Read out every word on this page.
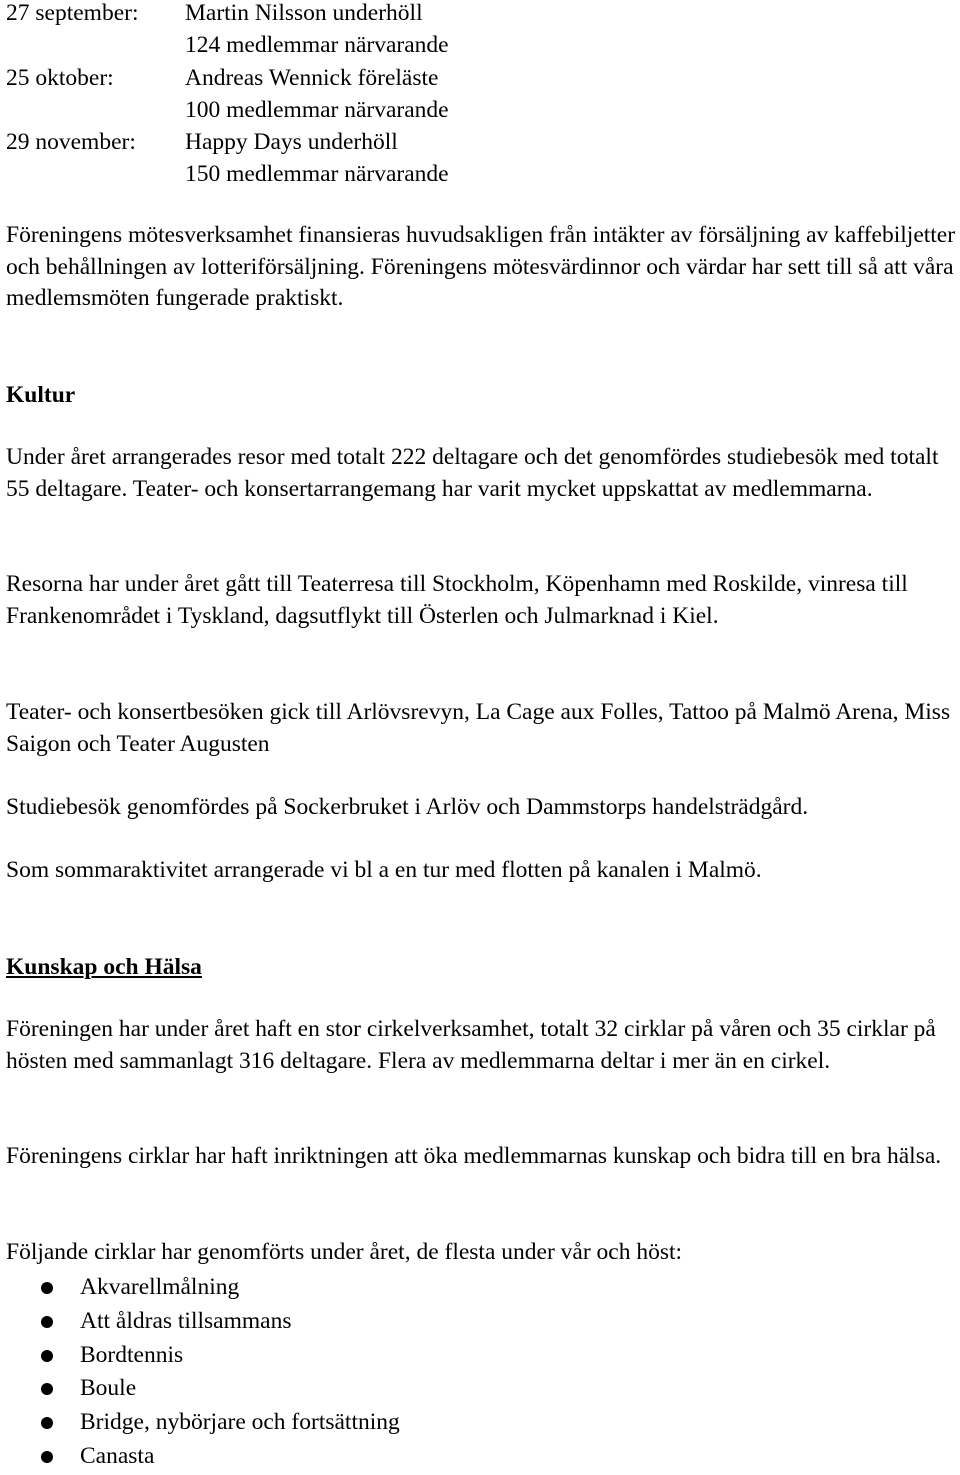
27 september: Martin Nilsson underhöll
124 medlemmar närvarande
25 oktober:	Andreas Wennick föreläste
100 medlemmar närvarande
29 november: Happy Days underhöll
150 medlemmar närvarande

Föreningens mötesverksamhet finansieras huvudsakligen från intäkter av försäljning av kaffebiljetter och behållningen av lotteriförsäljning. Föreningens mötesvärdinnor och värdar har sett till så att våra medlemsmöten fungerade praktiskt.

Kultur

Under året arrangerades resor med totalt 222 deltagare och det genomfördes studiebesök med totalt 55 deltagare. Teater- och konsertarrangemang har varit mycket uppskattat av medlemmarna.

Resorna har under året gått till Teaterresa till Stockholm, Köpenhamn med Roskilde, vinresa till Frankenområdet i Tyskland, dagsutflykt till Österlen och Julmarknad i Kiel.

Teater- och konsertbesöken gick till Arlövsrevyn, La Cage aux Folles, Tattoo på Malmö Arena, Miss Saigon och Teater Augusten

Studiebesök genomfördes på Sockerbruket i Arlöv och Dammstorps handelsträdgård.

Som sommaraktivitet arrangerade vi bl a en tur med flotten på kanalen i Malmö.

Kunskap och Hälsa

Föreningen har under året haft en stor cirkelverksamhet, totalt 32 cirklar på våren och 35 cirklar på hösten med sammanlagt 316 deltagare. Flera av medlemmarna deltar i mer än en cirkel.

Föreningens cirklar har haft inriktningen att öka medlemmarnas kunskap och bidra till en bra hälsa.

Följande cirklar har genomförts under året, de flesta under vår och höst:

Akvarellmålning
Att åldras tillsammans
Bordtennis
Boule
Bridge, nybörjare och fortsättning
Canasta
